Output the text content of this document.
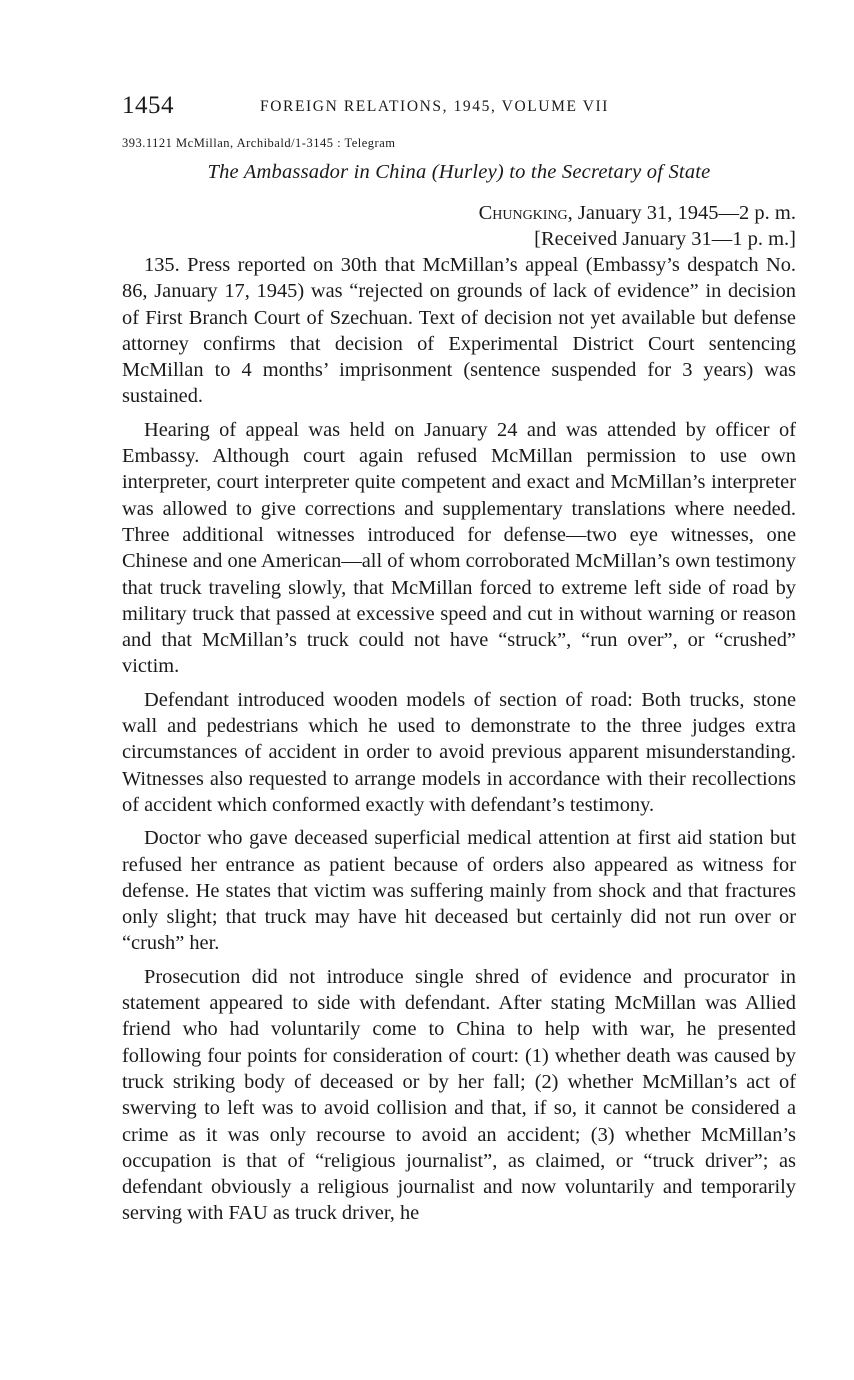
1454	FOREIGN RELATIONS, 1945, VOLUME VII
393.1121 McMillan, Archibald/1-3145 : Telegram
The Ambassador in China (Hurley) to the Secretary of State
Chungking, January 31, 1945—2 p. m.
[Received January 31—1 p. m.]

135. Press reported on 30th that McMillan’s appeal (Embassy’s despatch No. 86, January 17, 1945) was “rejected on grounds of lack of evidence” in decision of First Branch Court of Szechuan. Text of decision not yet available but defense attorney confirms that decision of Experimental District Court sentencing McMillan to 4 months’ imprisonment (sentence suspended for 3 years) was sustained.

Hearing of appeal was held on January 24 and was attended by officer of Embassy. Although court again refused McMillan permission to use own interpreter, court interpreter quite competent and exact and McMillan’s interpreter was allowed to give corrections and supplementary translations where needed. Three additional witnesses introduced for defense—two eye witnesses, one Chinese and one American—all of whom corroborated McMillan’s own testimony that truck traveling slowly, that McMillan forced to extreme left side of road by military truck that passed at excessive speed and cut in without warning or reason and that McMillan’s truck could not have “struck”, “run over”, or “crushed” victim.

Defendant introduced wooden models of section of road: Both trucks, stone wall and pedestrians which he used to demonstrate to the three judges extra circumstances of accident in order to avoid previous apparent misunderstanding. Witnesses also requested to arrange models in accordance with their recollections of accident which conformed exactly with defendant’s testimony.

Doctor who gave deceased superficial medical attention at first aid station but refused her entrance as patient because of orders also appeared as witness for defense. He states that victim was suffering mainly from shock and that fractures only slight; that truck may have hit deceased but certainly did not run over or “crush” her.

Prosecution did not introduce single shred of evidence and procurator in statement appeared to side with defendant. After stating McMillan was Allied friend who had voluntarily come to China to help with war, he presented following four points for consideration of court: (1) whether death was caused by truck striking body of deceased or by her fall; (2) whether McMillan’s act of swerving to left was to avoid collision and that, if so, it cannot be considered a crime as it was only recourse to avoid an accident; (3) whether McMillan’s occupation is that of “religious journalist”, as claimed, or “truck driver”; as defendant obviously a religious journalist and now voluntarily and temporarily serving with FAU as truck driver, he
